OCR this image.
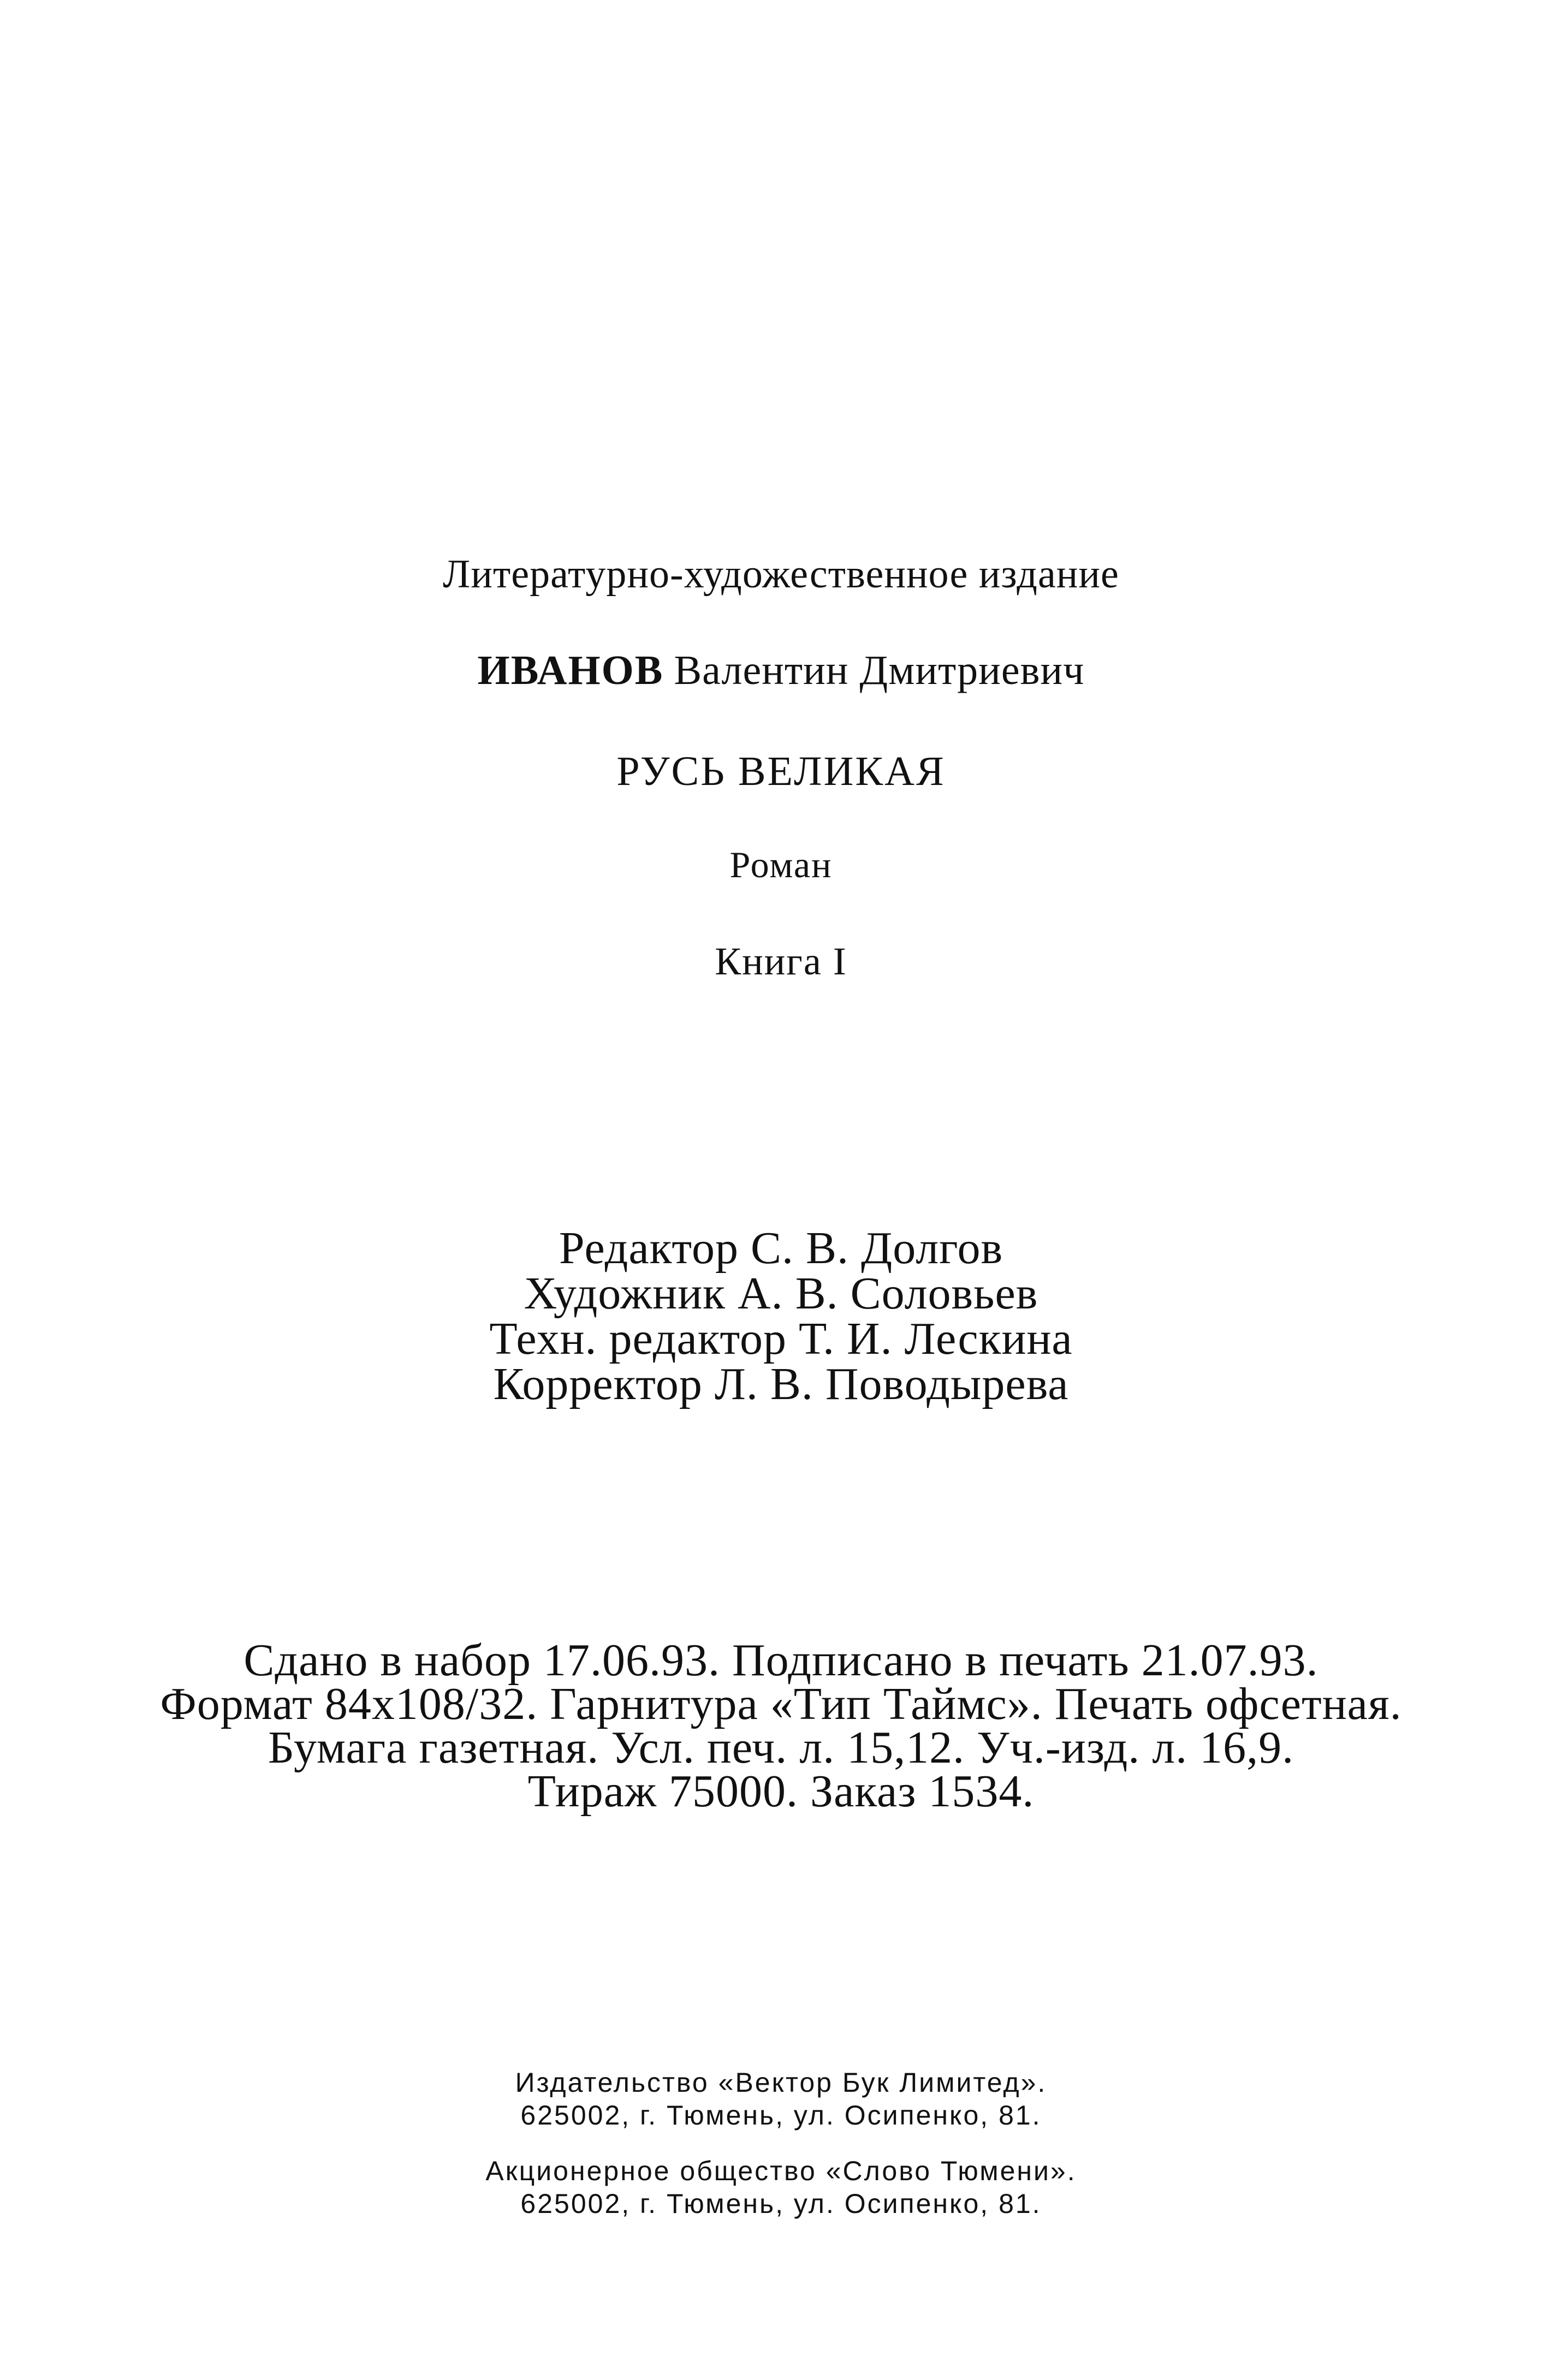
Литературно-художественное издание
ИВАНОВ Валентин Дмитриевич
РУСЬ ВЕЛИКАЯ
Роман
Книга I
Редактор С. В. Долгов
Художник А. В. Соловьев
Техн. редактор Т. И. Лескина
Корректор Л. В. Поводырева
Сдано в набор 17.06.93. Подписано в печать 21.07.93.
Формат 84х108/32. Гарнитура «Тип Таймс». Печать офсетная.
Бумага газетная. Усл. печ. л. 15,12. Уч.-изд. л. 16,9.
Тираж 75000. Заказ 1534.
Издательство «Вектор Бук Лимитед».
625002, г. Тюмень, ул. Осипенко, 81.
Акционерное общество «Слово Тюмени».
625002, г. Тюмень, ул. Осипенко, 81.
